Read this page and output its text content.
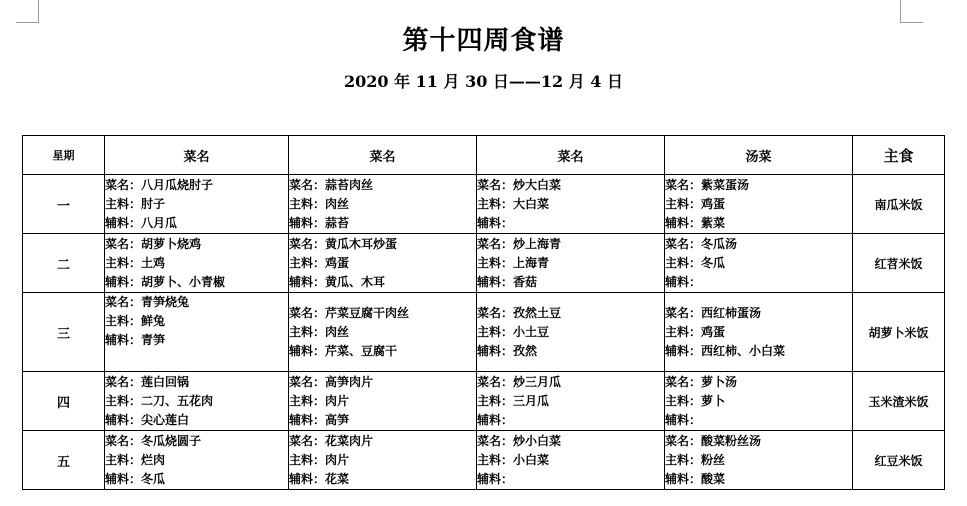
第十四周食谱
2020 年 11 月 30 日——12 月 4 日
星期	菜名	菜名	菜名	汤菜	主食
一	菜名：八月瓜烧肘子
主料：肘子
辅料：八月瓜	菜名：蒜苔肉丝
主料：肉丝
辅料：蒜苔	菜名：炒大白菜
主料：大白菜
辅料：	菜名：紫菜蛋汤
主料：鸡蛋
辅料：紫菜	南瓜米饭
二	菜名：胡萝卜烧鸡
主料：土鸡
辅料：胡萝卜、小青椒	菜名：黄瓜木耳炒蛋
主料：鸡蛋
辅料：黄瓜、木耳	菜名：炒上海青
主料：上海青
辅料：香菇	菜名：冬瓜汤
主料：冬瓜
辅料：	红苕米饭
三	菜名：青笋烧兔
主料：鲜兔
辅料：青笋	菜名：芹菜豆腐干肉丝
主料：肉丝
辅料：芹菜、豆腐干	菜名：孜然土豆
主料：小土豆
辅料：孜然	菜名：西红柿蛋汤
主料：鸡蛋
辅料：西红柿、小白菜	胡萝卜米饭
四	菜名：莲白回锅
主料：二刀、五花肉
辅料：尖心莲白	菜名：高笋肉片
主料：肉片
辅料：高笋	菜名：炒三月瓜
主料：三月瓜
辅料：	菜名：萝卜汤
主料：萝卜
辅料：	玉米渣米饭
五	菜名：冬瓜烧圆子
主料：烂肉
辅料：冬瓜	菜名：花菜肉片
主料：肉片
辅料：花菜	菜名：炒小白菜
主料：小白菜
辅料：	菜名：酸菜粉丝汤
主料：粉丝
辅料：酸菜	红豆米饭
